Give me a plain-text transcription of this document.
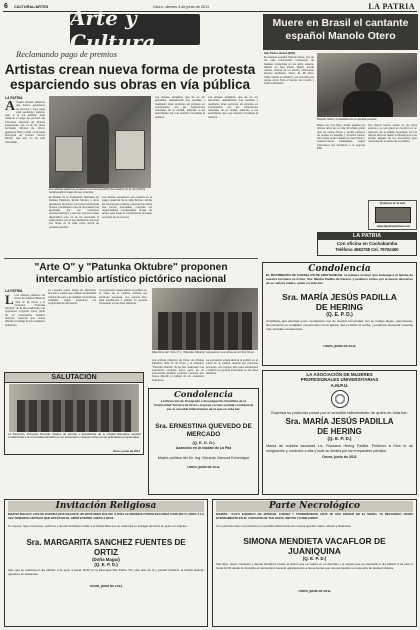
6 CULTURAL/ARTES	Oruro, viernes 3 de junio de 2011	LA PATRIA
Arte y Cultura
Reclamando pago de premios
Artistas crean nueva forma de protesta
esparciendo sus obras en vía pública
LA PATRIA
A Cuatro artistas plásticos que fueron ganadores de premios y cuyo pago está pendiente, salieron ayer a la vía pública, para reclamar el pago de premios del Concurso Nacional de Pintura asegurando que el fin de Artes Fernando Montes de Oruro, gestiones 2010 y 2011, en la Casa Municipal de Cultura "Arturo Borda", que aún no ha sido cancelado.
El Alcalde de la Federación Boliviana de Artistas Plásticos, Emilio Montes y otros ganadores del primer concurso nacional de pintura, manifestaron que la premiación fue aprobada por las instancias correspondientes y que los recursos están disponibles pero no se ha ejecutado el desembolso, por lo que decidieron exponer sus obras en la calle como forma de protesta pacífica.
Los artistas expusieron sus cuadros en el paseo peatonal de la calle Bolívar, donde los transeúntes pudieron apreciar las obras que fueron premiadas, mientras los organizadores recolectaban firmas de apoyo para exigir el cumplimiento del pago por parte de la comuna.
Los artistas señalaron que de no ser atendidos, radicalizarán sus medidas y realizarán otras acciones de protesta en coordinación con las instituciones culturales de la ciudad, pidiendo a las autoridades dar una solución inmediata al reclamo.
Los artistas señalaron que de no ser atendidos, radicalizarán sus medidas y realizarán otras acciones de protesta en coordinación con las instituciones culturales de la ciudad, pidiendo a las autoridades dar una solución inmediata al reclamo.
Los artistas plásticos protestan con la exposición de cuadros en la vía pública, reclamando el pago de sus premios
Muere en Brasil el cantante español Manolo Otero
San Pedro, Brasil (EFE)
El cantante español Manolo Otero, uno de los más reconocidos intérpretes de baladas románticas en los años setenta, falleció en Sao Paulo, Brasil, donde residía, víctima de un cáncer, informaron fuentes familiares. Otero, de 68 años, había nacido en Madrid y era conocido por temas como Todo el tiempo del mundo y Quiero abrazarte.
Manolo Otero, el baladista de la década pasada
Brasil, con sus hijos, donde pasaba los últimos años de su vida. El artista grabó más de veinte discos y vendió millones de copias en España y América Latina. Sus restos serán velados en Sao Paulo y posteriormente trasladados, según informaron sus familiares a la agencia EFE.
Sus discos fueron éxitos en los años setenta y su voz grave se convirtió en un referente de la balada romántica. En los últimos años se radicó en Brasil junto a su familia, alejado de los escenarios pero manteniendo el cariño de su público.
Visítanos en la web
www.lapatriaenlinea.com
LA PATRIA
Con oficina en Cochabamba
Teléfono 4583758 Cel. 79762460
"Arte O" y "Patunka Oktubre" proponen
intercambio artístico pictórico nacional
LA PATRIA
L Los artistas plásticos de Fines de Artistas Plásticos "Arte O" de Oruro y el Colectivo "Patunka Oktubre" de El Alto realizarán una exposición conjunta como parte de un intercambio artístico pictórico nacional que busca difundir el trabajo de los creadores bolivianos.
La muestra reúne obras de diferentes técnicas y estilos que reflejan la identidad cultural del país y la realidad social de las ciudades, según explicaron los organizadores del evento.
La exposición estará abierta al público en la Casa de la Cultura durante las próximas semanas, con ingreso libre para estudiantes y público en general interesado en las artes plásticas.
Miembros del "Arte O" y "Patunka Oktubre" expusieron sus obras en el Club Oruro
Los artistas plásticos de Fines de Artistas Plásticos "Arte O" de Oruro y el Colectivo "Patunka Oktubre" de El Alto realizarán una exposición conjunta como parte de un intercambio artístico pictórico nacional que busca difundir el trabajo de los creadores bolivianos.
La exposición estará abierta al público en la Casa de la Cultura durante las próximas semanas, con ingreso libre para estudiantes y público en general interesado en las artes plásticas.
Condolencia
EL MOVIMIENTO DE CURSILLOS DE CRISTIANDAD, se adhiere al dolor que embarga a la familia de nuestra hermana en Cristo, Sra. Martha Padilla de Gareca, y pedimos a Dios por el eterno descanso de su señora madre, quien en vida fue:
Sra. MARÍA JESÚS PADILLA
DE HERING
(Q. E. P. D.)
Cursillistas que participó como vendedores rojo de nuestra comunidad, con su trabajo alegre, permanente, demostrando su verdadero compromiso con la Iglesia, que el Señor la reciba, y podamos presentar nuestras más sentidas condolencias.
Oruro, junio de 2011
SALUTACIÓN
La Dirección, Personal Docente, Padres de Familia y Estudiantes de la Unidad Educativa saludan cordialmente a la comunidad educativa en su aniversario y desean éxitos en las actividades programadas.
Oruro, junio de 2011
Condolencia
La Dirección de Postgrado e Investigación Científica de la Universidad Técnica de Oruro, expresa su más sentida condolencia por el sensible fallecimiento de la que en vida fue:
Sra. ERNESTINA QUEVEDO DE
MERCADO
(Q. E. D. G.)
Acaecido en la ciudad de La Paz
Madre política del Dr. Ing. Gerardo Zamora Echenique
Oruro, junio de 2011
LA ASOCIACIÓN DE MUJERES
PROFESIONALES UNIVERSITARIAS
A.M.P.U.
Expresa su profundo pesar por el sensible fallecimiento de quien en vida fue:
Sra. MARÍA JESÚS PADILLA
DE HERING
(Q. E. P. D.)
Mamá de nuestra asociada Lic. Rossana Hering Padilla. Pedimos a Dios le de resignación y consuelo a ella y toda su familia por tan irreparable pérdida.
Oruro, junio de 2011
Invitación Religiosa
MARITA MAGALY CON SU PARTIDA NOS DEJASTE UN PROFUNDO DOLOR, A DIOS LE PEDIMOS FORTALEZA PARA VIVIR SIN TI, PERO A LA VEZ TENEMOS CERTEZA QUE ESTÁS EN EL AMOR ETERNO JUNTO A DIOS.
Tu esposo, hijos, hermanos, sobrinos y demás familiares invitan a la Santa Misa que se celebrará en sufragio del alma de quien en vida fue:
Sra. MARGARITA SANCHEZ FUENTES DE
ORTIZ
(Doña Magui)
(Q. E. P. D.)
Acto que se realizará el día sábado 4 de junio a horas 19:00 en la Parroquia San Pedro. Por este acto de fe y piedad cristiana, la familia doliente agradece su asistencia.
Oruro, junio de 2011
Parte Necrológico
MAMITA: "CUYO EJEMPLO DE BONDAD, CARIÑO Y COMPRENSIÓN, DIOS TE VEA FIRMAR EN EL REINO, TU RECUERDO VIVIRÁ ETERNAMENTE EN EL CORAZÓN DE TUS HIJOS, NIETOS Y FAMILIARES".
Con profundo dolor comunicamos el sensible fallecimiento de nuestra querida madre, abuela y bisabuela:
SIMONA MENDIETA VACAFLOR DE
JUANIQUINA
(Q. E. P. D.)
Sus hijos, nietos, bisnietos y demás familiares invitan al velorio que se realiza en su domicilio y al sepelio que se efectuará el día sábado 4 de junio a horas 10:00 desde su domicilio al Cementerio General, agradeciendo a las personas que nos acompañen en este acto de piedad cristiana.
Oruro, junio de 2011
